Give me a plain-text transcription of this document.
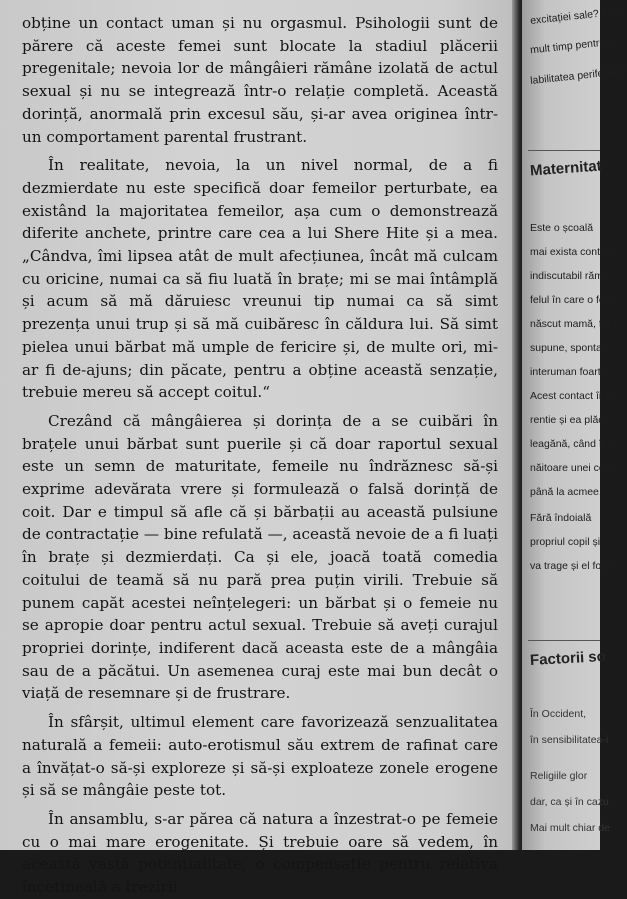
obține un contact uman și nu orgasmul. Psihologii sunt de părere că aceste femei sunt blocate la stadiul plăcerii pregenitale; nevoia lor de mângâieri rămâne izolată de actul sexual și nu se integrează într-o relație completă. Această dorință, anormală prin excesul său, și-ar avea originea într-un comportament parental frustrant.

În realitate, nevoia, la un nivel normal, de a fi dezmierdate nu este specifică doar femeilor perturbate, ea existând la majoritatea femeilor, așa cum o demonstrează diferite anchete, printre care cea a lui Shere Hite și a mea. „Cândva, îmi lipsea atât de mult afecțiunea, încât mă culcam cu oricine, numai ca să fiu luată în brațe; mi se mai întâmplă și acum să mă dăruiesc vreunui tip numai ca să simt prezența unui trup și să mă cuibăresc în căldura lui. Să simt pielea unui bărbat mă umple de fericire și, de multe ori, mi-ar fi de-ajuns; din păcate, pentru a obține această senzație, trebuie mereu să accept coitul.“

Crezând că mângâierea și dorința de a se cuibări în brațele unui bărbat sunt puerile și că doar raportul sexual este un semn de maturitate, femeile nu îndrăznesc să-și exprime adevărata vrere și formulează o falsă dorință de coit. Dar e timpul să afle că și bărbații au această pulsiune de contractație — bine refulată —, această nevoie de a fi luați în brațe și dezmierdați. Ca și ele, joacă toată comedia coitului de teamă să nu pară prea puțin virili. Trebuie să punem capăt acestei neînțelegeri: un bărbat și o femeie nu se apropie doar pentru actul sexual. Trebuie să aveți curajul propriei dorințe, indiferent dacă aceasta este de a mângâia sau de a păcătui. Un asemenea curaj este mai bun decât o viață de resemnare și de frustrare.

În sfârșit, ultimul element care favorizează senzualitatea naturală a femeii: auto-erotismul său extrem de rafinat care a învățat-o să-și exploreze și să-și exploateze zonele erogene și să se mângâie peste tot.

În ansamblu, s-ar părea că natura a înzestrat-o pe femeie cu o mai mare erogenitate. Și trebuie oare să vedem, în această vastă potențialitate, o compensație pentru relativa încetineală a trezirii

excitației sale? Faza
mult timp pentru a
labilitatea periferică?
Maternitat
Este o școală
mai exista controv
indiscutabil rămâ
felul în care o femi
născut mamă, fem
supune, spontan
interuman foarte
Acest contact îi ar
rentie și ea plăc
leagănă, când îl în
năitoare unei conc
până la acmee.
Fără îndoială
propriul copil și
va trage și el folo
Factorii so
În Occident,
în sensibilitatea-i
Religiile glor
dar, ca și în cazu
Mai mult chiar de
